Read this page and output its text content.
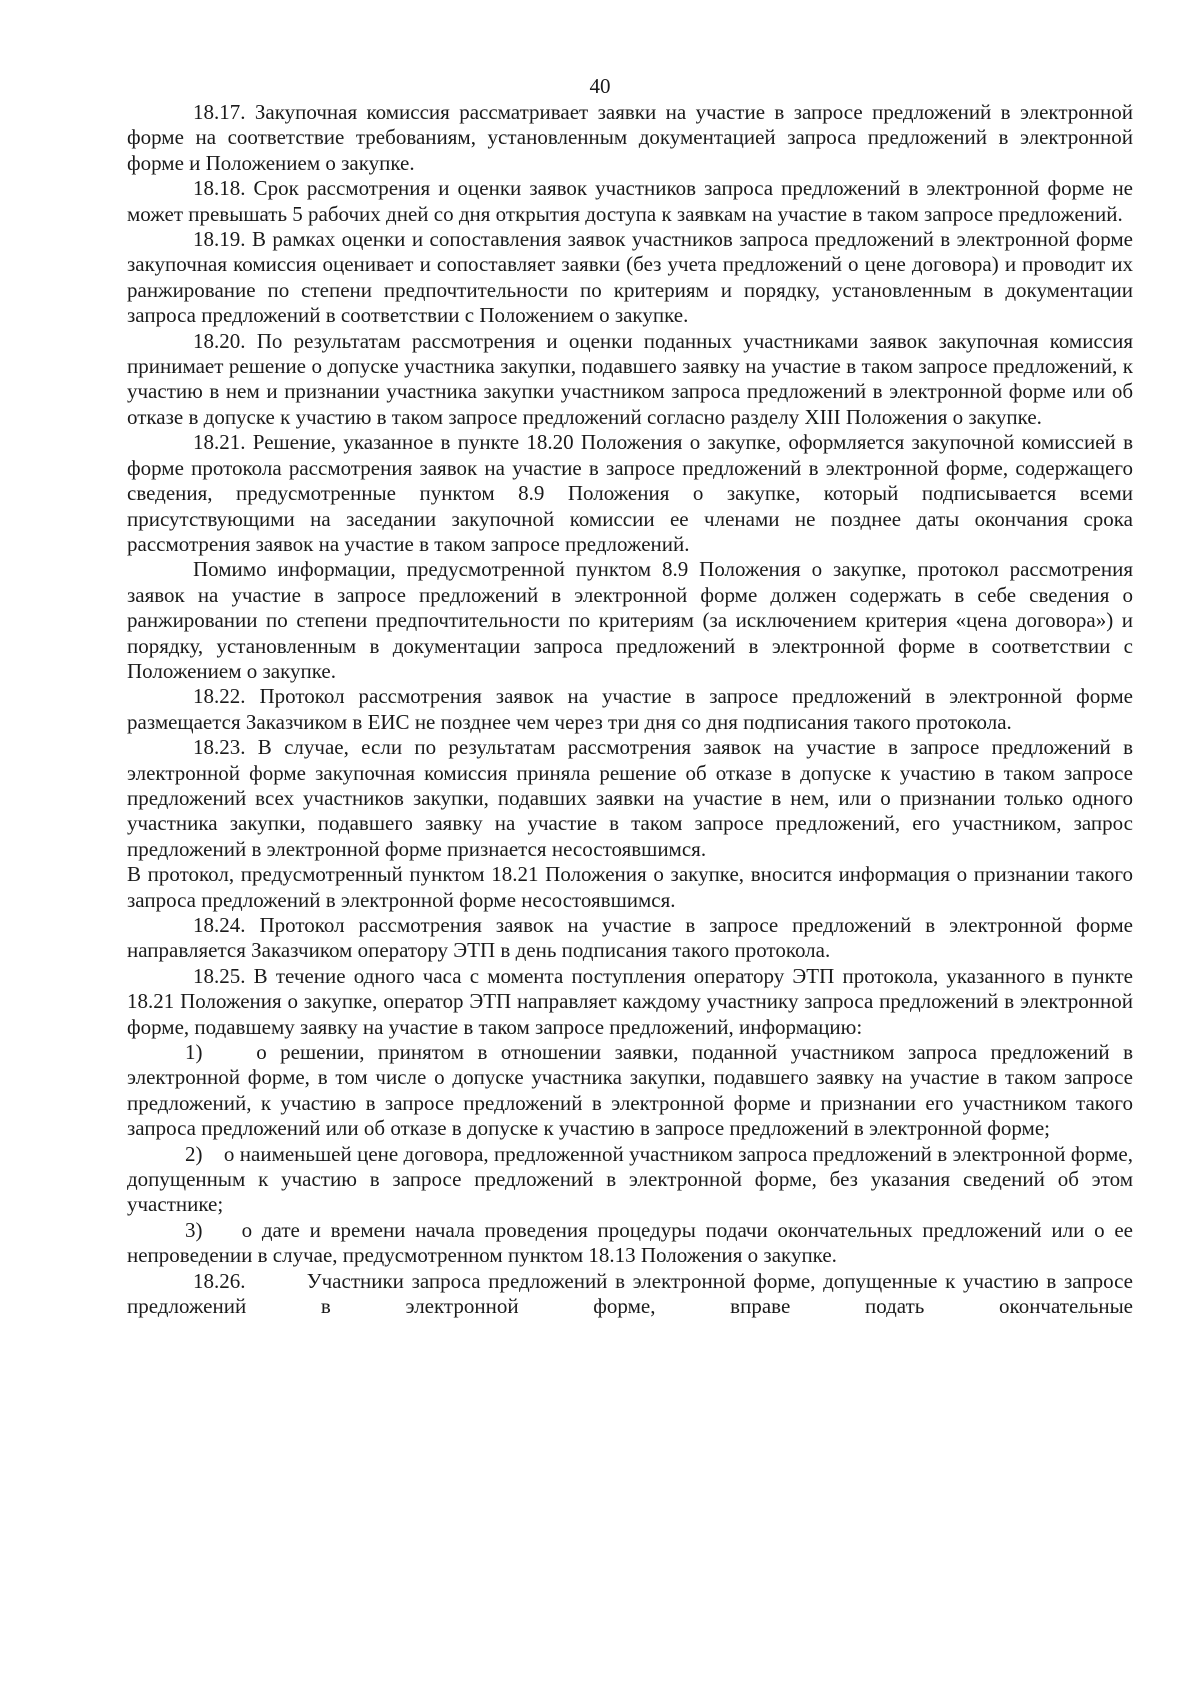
40

18.17. Закупочная комиссия рассматривает заявки на участие в запросе предложений в электронной форме на соответствие требованиям, установленным документацией запроса предложений в электронной форме и Положением о закупке.

18.18. Срок рассмотрения и оценки заявок участников запроса предложений в электронной форме не может превышать 5 рабочих дней со дня открытия доступа к заявкам на участие в таком запросе предложений.

18.19. В рамках оценки и сопоставления заявок участников запроса предложений в электронной форме закупочная комиссия оценивает и сопоставляет заявки (без учета предложений о цене договора) и проводит их ранжирование по степени предпочтительности по критериям и порядку, установленным в документации запроса предложений в соответствии с Положением о закупке.

18.20. По результатам рассмотрения и оценки поданных участниками заявок закупочная комиссия принимает решение о допуске участника закупки, подавшего заявку на участие в таком запросе предложений, к участию в нем и признании участника закупки участником запроса предложений в электронной форме или об отказе в допуске к участию в таком запросе предложений согласно разделу XIII Положения о закупке.

18.21. Решение, указанное в пункте 18.20 Положения о закупке, оформляется закупочной комиссией в форме протокола рассмотрения заявок на участие в запросе предложений в электронной форме, содержащего сведения, предусмотренные пунктом 8.9 Положения о закупке, который подписывается всеми присутствующими на заседании закупочной комиссии ее членами не позднее даты окончания срока рассмотрения заявок на участие в таком запросе предложений.

Помимо информации, предусмотренной пунктом 8.9 Положения о закупке, протокол рассмотрения заявок на участие в запросе предложений в электронной форме должен содержать в себе сведения о ранжировании по степени предпочтительности по критериям (за исключением критерия «цена договора») и порядку, установленным в документации запроса предложений в электронной форме в соответствии с Положением о закупке.

18.22. Протокол рассмотрения заявок на участие в запросе предложений в электронной форме размещается Заказчиком в ЕИС не позднее чем через три дня со дня подписания такого протокола.

18.23. В случае, если по результатам рассмотрения заявок на участие в запросе предложений в электронной форме закупочная комиссия приняла решение об отказе в допуске к участию в таком запросе предложений всех участников закупки, подавших заявки на участие в нем, или о признании только одного участника закупки, подавшего заявку на участие в таком запросе предложений, его участником, запрос предложений в электронной форме признается несостоявшимся.

В протокол, предусмотренный пунктом 18.21 Положения о закупке, вносится информация о признании такого запроса предложений в электронной форме несостоявшимся.

18.24. Протокол рассмотрения заявок на участие в запросе предложений в электронной форме направляется Заказчиком оператору ЭТП в день подписания такого протокола.

18.25. В течение одного часа с момента поступления оператору ЭТП протокола, указанного в пункте 18.21 Положения о закупке, оператор ЭТП направляет каждому участнику запроса предложений в электронной форме, подавшему заявку на участие в таком запросе предложений, информацию:

1)    о решении, принятом в отношении заявки, поданной участником запроса предложений в электронной форме, в том числе о допуске участника закупки, подавшего заявку на участие в таком запросе предложений, к участию в запросе предложений в электронной форме и признании его участником такого запроса предложений или об отказе в допуске к участию в запросе предложений в электронной форме;

2)    о наименьшей цене договора, предложенной участником запроса предложений в электронной форме, допущенным к участию в запросе предложений в электронной форме, без указания сведений об этом участнике;

3)    о дате и времени начала проведения процедуры подачи окончательных предложений или о ее непроведении в случае, предусмотренном пунктом 18.13 Положения о закупке.

18.26.        Участники запроса предложений в электронной форме, допущенные к участию в запросе предложений в электронной форме, вправе подать окончательные
